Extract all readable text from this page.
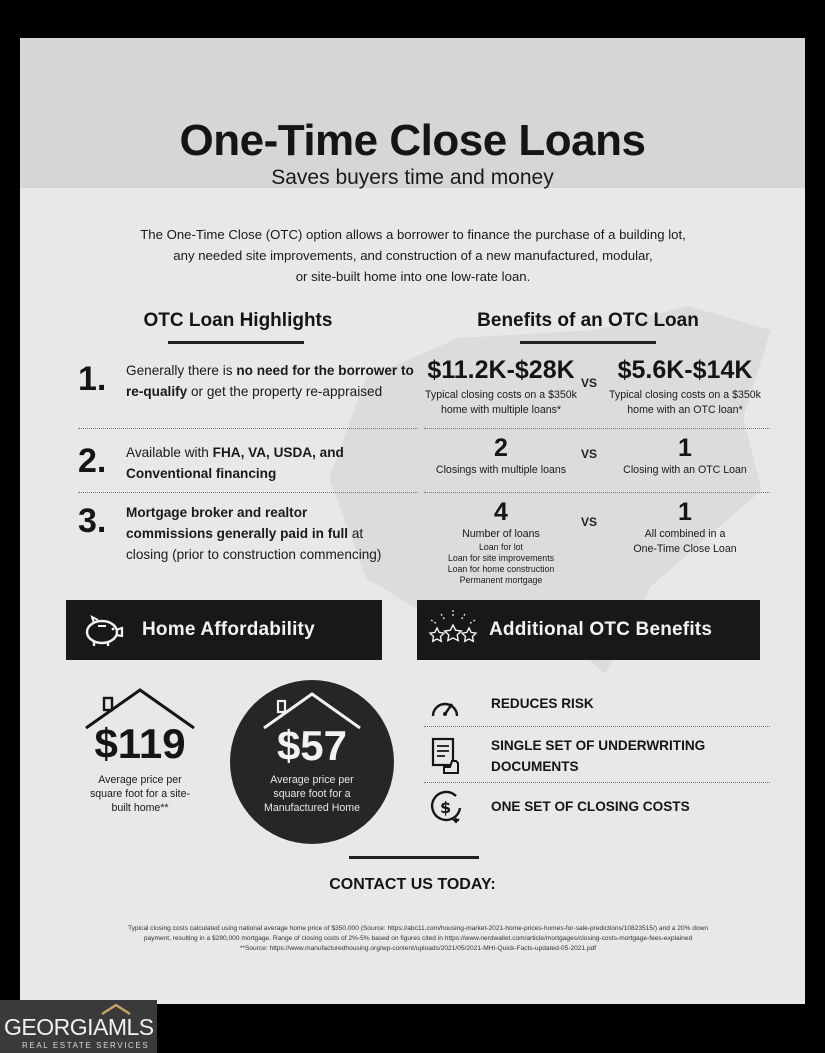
One-Time Close Loans
Saves buyers time and money
The One-Time Close (OTC) option allows a borrower to finance the purchase of a building lot,
any needed site improvements, and construction of a new manufactured, modular,
or site-built home into one low-rate loan.
OTC Loan Highlights	Benefits of an OTC Loan
1. Generally there is no need for the borrower to re-qualify or get the property re-appraised
2. Available with FHA, VA, USDA, and Conventional financing
3. Mortgage broker and realtor commissions generally paid in full at closing (prior to construction commencing)
$11.2K-$28K VS $5.6K-$14K
Typical closing costs on a $350k
home with multiple loans*
Typical closing costs on a $350k
home with an OTC loan*
2	VS	1
Closings with multiple loans	Closing with an OTC Loan
4	VS	1
Number of loans
Loan for lot
Loan for site improvements
Loan for home construction
Permanent mortgage
All combined in a
One-Time Close Loan
Home Affordability	Additional OTC Benefits
$119
Average price per
square foot for a site-
built home**
$57
Average price per
square foot for a
Manufactured Home
REDUCES RISK
SINGLE SET OF UNDERWRITING
DOCUMENTS
$	ONE SET OF CLOSING COSTS
CONTACT US TODAY:
Typical closing costs calculated using national average home price of $350,000 (Source: https://abc11.com/housing-market-2021-home-prices-homes-for-sale-predictions/10823515/) and a 20% down
payment, resulting in a $280,000 mortgage. Range of closing costs of 2%-5% based on figures cited in https://www.nerdwallet.com/article/mortgages/closing-costs-mortgage-fees-explained
**Source: https://www.manufacturedhousing.org/wp-content/uploads/2021/05/2021-MHI-Quick-Facts-updated-05-2021.pdf
GEORGIAMLS
REAL ESTATE SERVICES
